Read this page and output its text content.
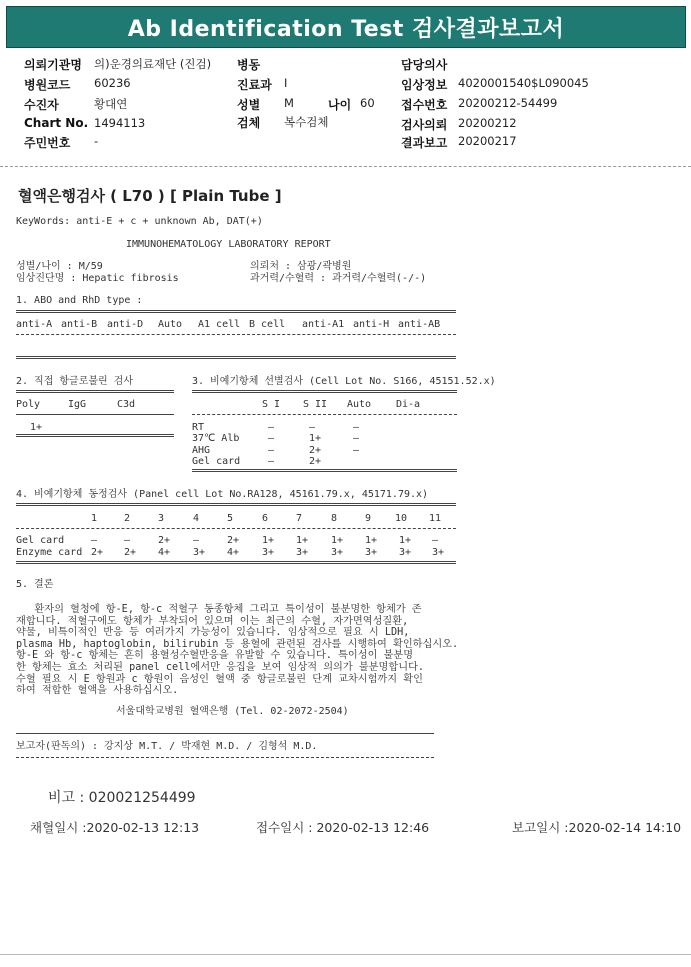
Ab Identification Test 검사결과보고서
의뢰기관명 의)운경의료재단 (진검)
병원코드 60236
수진자	황대연
Chart No. 1494113
주민번호 -
병동
진료과 I
성별 M	나이 60
검체 복수검체
담당의사
임상정보 4020001540$L090045
접수번호 20200212-54499
검사의뢰 20200212
결과보고 20200217
혈액은행검사 ( L70 ) [ Plain Tube ]
KeyWords: anti-E + c + unknown Ab, DAT(+)
IMMUNOHEMATOLOGY LABORATORY REPORT
성별/나이 : M/59
임상진단명 : Hepatic fibrosis
의뢰처 : 삼광/곽병원
과거력/수혈력 : 과거력/수혈력(-/-)
1. ABO and RhD type :
anti-A anti-B anti-D Auto A1 cell B cell anti-A1 anti-H anti-AB
2. 직접 항글로불린 검사
Poly	IgG	C3d
1+
3. 비예기항체 선별검사 (Cell Lot No. S166, 45151.52.x)
S I S II Auto Di-a
RT	–	–	–
37℃ Alb	–	1+	–
AHG	–	2+	–
Gel card	–	2+
4. 비예기항체 동정검사 (Panel cell Lot No.RA128, 45161.79.x, 45171.79.x)
1	2	3	4	5	6	7	8	9 10 11
Gel card	–	–	2+ –	2+ 1+ 1+ 1+ 1+ 1+ –
Enzyme card 2+ 2+ 4+ 3+ 4+ 3+ 3+ 3+ 3+ 3+ 3+
5. 결론
환자의 혈청에 항-E, 항-c 적혈구 동종항체 그리고 특이성이 불분명한 항체가 존
재합니다. 적혈구에도 항체가 부착되어 있으며 이는 최근의 수혈, 자가면역성질환,
약물, 비특이적인 반응 등 여러가지 가능성이 있습니다. 임상적으로 필요 시 LDH,
plasma Hb, haptoglobin, bilirubin 등 용혈에 관련된 검사를 시행하여 확인하십시오.
항-E 와 항-c 항체는 흔히 용혈성수혈반응을 유발할 수 있습니다. 특이성이 불분명
한 항체는 효소 처리된 panel cell에서만 응집을 보여 임상적 의의가 불분명합니다.
수혈 필요 시 E 항원과 c 항원이 음성인 혈액 중 항글로불린 단계 교차시험까지 확인
하여 적합한 혈액을 사용하십시오.
서울대학교병원 혈액은행 (Tel. 02-2072-2504)
보고자(판독의) : 강지상 M.T. / 박재현 M.D. / 김형석 M.D.
비고 : 020021254499
채혈일시 :2020-02-13 12:13	접수일시 : 2020-02-13 12:46	보고일시 :2020-02-14 14:10
